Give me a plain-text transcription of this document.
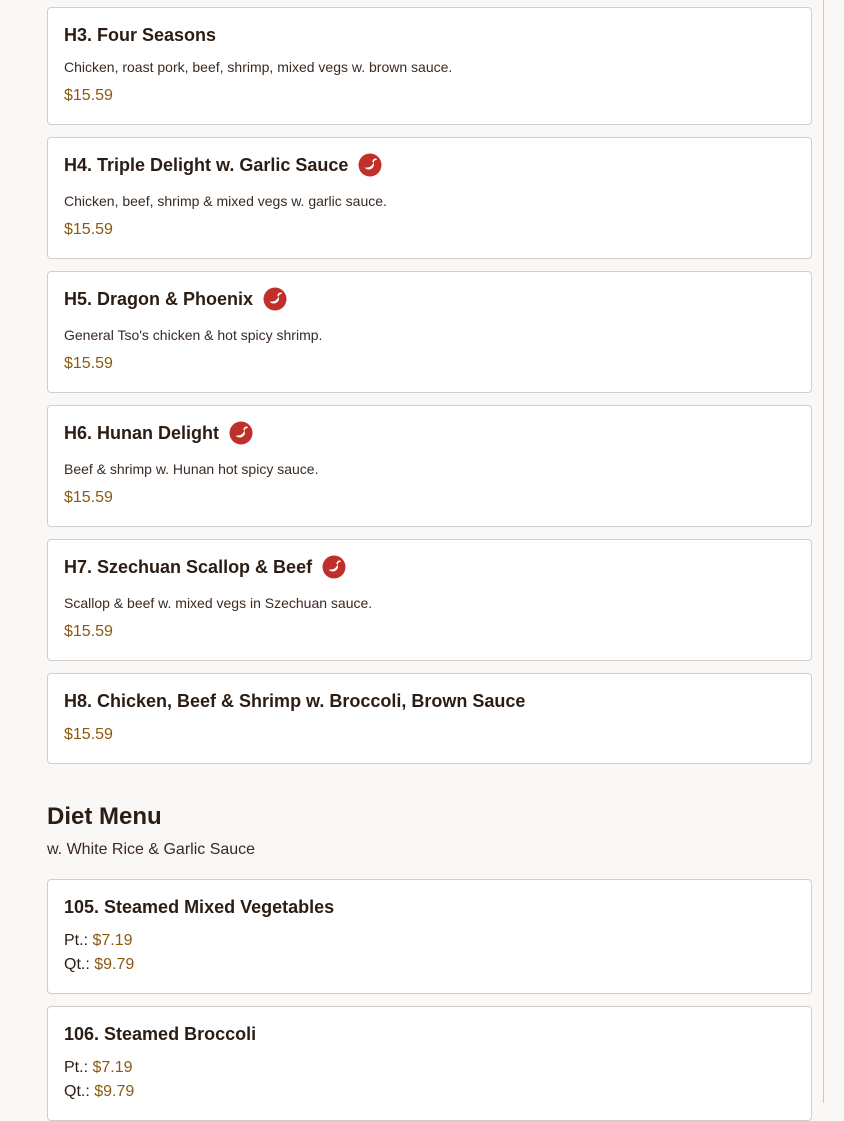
H3. Four Seasons
Chicken, roast pork, beef, shrimp, mixed vegs w. brown sauce.
$15.59
H4. Triple Delight w. Garlic Sauce
Chicken, beef, shrimp & mixed vegs w. garlic sauce.
$15.59
H5. Dragon & Phoenix
General Tso's chicken & hot spicy shrimp.
$15.59
H6. Hunan Delight
Beef & shrimp w. Hunan hot spicy sauce.
$15.59
H7. Szechuan Scallop & Beef
Scallop & beef w. mixed vegs in Szechuan sauce.
$15.59
H8. Chicken, Beef & Shrimp w. Broccoli, Brown Sauce
$15.59
Diet Menu
w. White Rice & Garlic Sauce
105. Steamed Mixed Vegetables
Pt.: $7.19
Qt.: $9.79
106. Steamed Broccoli
Pt.: $7.19
Qt.: $9.79
